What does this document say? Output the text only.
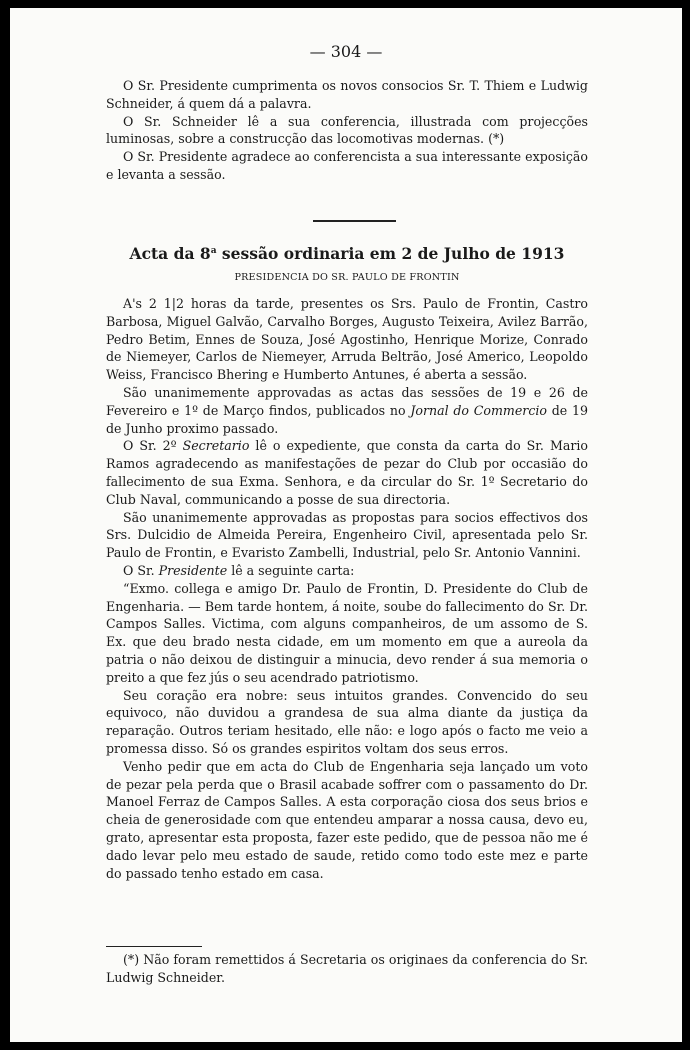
— 304 —

O Sr. Presidente cumprimenta os novos consocios Sr. T. Thiem e Ludwig Schneider, á quem dá a palavra.

O Sr. Schneider lê a sua conferencia, illustrada com projecções luminosas, sobre a construcção das locomotivas modernas. (*)

O Sr. Presidente agradece ao conferencista a sua interessante exposição e levanta a sessão.

Acta da 8$^a$ sessão ordinaria em 2 de Julho de 1913
PRESIDENCIA DO SR. PAULO DE FRONTIN

A's 2 1|2 horas da tarde, presentes os Srs. Paulo de Frontin, Castro Barbosa, Miguel Galvão, Carvalho Borges, Augusto Teixeira, Avilez Barrão, Pedro Betim, Ennes de Souza, José Agostinho, Henrique Morize, Conrado de Niemeyer, Carlos de Niemeyer, Arruda Beltrão, José Americo, Leopoldo Weiss, Francisco Bhering e Humberto Antunes, é aberta a sessão.

São unanimemente approvadas as actas das sessões de 19 e 26 de Fevereiro e 1º de Março findos, publicados no Jornal do Commercio de 19 de Junho proximo passado.

O Sr. 2º Secretario lê o expediente, que consta da carta do Sr. Mario Ramos agradecendo as manifestações de pezar do Club por occasião do fallecimento de sua Exma. Senhora, e da circular do Sr. 1º Secretario do Club Naval, communicando a posse de sua directoria.

São unanimemente approvadas as propostas para socios effectivos dos Srs. Dulcidio de Almeida Pereira, Engenheiro Civil, apresentada pelo Sr. Paulo de Frontin, e Evaristo Zambelli, Industrial, pelo Sr. Antonio Vannini.

O Sr. Presidente lê a seguinte carta:

“Exmo. collega e amigo Dr. Paulo de Frontin, D. Presidente do Club de Engenharia. — Bem tarde hontem, á noite, soube do fallecimento do Sr. Dr. Campos Salles. Victima, com alguns companheiros, de um assomo de S. Ex. que deu brado nesta cidade, em um momento em que a aureola da patria o não deixou de distinguir a minucia, devo render á sua memoria o preito a que fez jús o seu acendrado patriotismo.

Seu coração era nobre: seus intuitos grandes. Convencido do seu equivoco, não duvidou a grandesa de sua alma diante da justiça da reparação. Outros teriam hesitado, elle não: e logo após o facto me veio a promessa disso. Só os grandes espiritos voltam dos seus erros.

Venho pedir que em acta do Club de Engenharia seja lançado um voto de pezar pela perda que o Brasil acabade soffrer com o passamento do Dr. Manoel Ferraz de Campos Salles. A esta corporação ciosa dos seus brios e cheia de generosidade com que entendeu amparar a nossa causa, devo eu, grato, apresentar esta proposta, fazer este pedido, que de pessoa não me é dado levar pelo meu estado de saude, retido como todo este mez e parte do passado tenho estado em casa.

(*) Não foram remettidos á Secretaria os originaes da conferencia do Sr. Ludwig Schneider.
